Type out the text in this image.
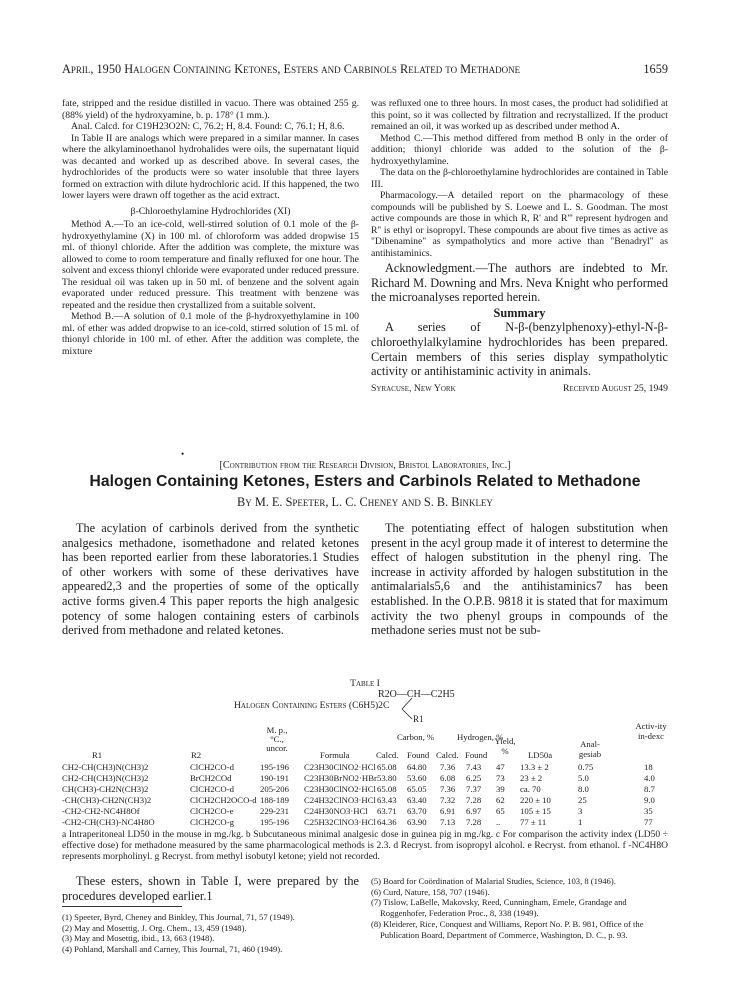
April, 1950 Halogen Containing Ketones, Esters and Carbinols Related to Methadone	1659

fate, stripped and the residue distilled in vacuo. There was obtained 255 g. (88% yield) of the hydroxyamine, b. p. 178° (1 mm.).

Anal. Calcd. for C19H23O2N: C, 76.2; H, 8.4. Found: C, 76.1; H, 8.6.

In Table II are analogs which were prepared in a similar manner. In cases where the alkylaminoethanol hydrohalides were oils, the supernatant liquid was decanted and worked up as described above. In several cases, the hydrochlorides of the products were so water insoluble that three layers formed on extraction with dilute hydrochloric acid. If this happened, the two lower layers were drawn off together as the acid extract.

β-Chloroethylamine Hydrochlorides (XI)

Method A.—To an ice-cold, well-stirred solution of 0.1 mole of the β-hydroxyethylamine (X) in 100 ml. of chloroform was added dropwise 15 ml. of thionyl chloride. After the addition was complete, the mixture was allowed to come to room temperature and finally refluxed for one hour. The solvent and excess thionyl chloride were evaporated under reduced pressure. The residual oil was taken up in 50 ml. of benzene and the solvent again evaporated under reduced pressure. This treatment with benzene was repeated and the residue then crystallized from a suitable solvent.

Method B.—A solution of 0.1 mole of the β-hydroxyethylamine in 100 ml. of ether was added dropwise to an ice-cold, stirred solution of 15 ml. of thionyl chloride in 100 ml. of ether. After the addition was complete, the mixture

was refluxed one to three hours. In most cases, the product had solidified at this point, so it was collected by filtration and recrystallized. If the product remained an oil, it was worked up as described under method A.

Method C.—This method differed from method B only in the order of addition; thionyl chloride was added to the solution of the β-hydroxyethylamine.

The data on the β-chloroethylamine hydrochlorides are contained in Table III.

Pharmacology.—A detailed report on the pharmacology of these compounds will be published by S. Loewe and L. S. Goodman. The most active compounds are those in which R, R' and R''' represent hydrogen and R'' is ethyl or isopropyl. These compounds are about five times as active as "Dibenamine" as sympatholytics and more active than "Benadryl" as antihistaminics.

Acknowledgment.—The authors are indebted to Mr. Richard M. Downing and Mrs. Neva Knight who performed the microanalyses reported herein.

Summary

A series of N-β-(benzylphenoxy)-ethyl-N-β-chloroethylalkylamine hydrochlorides has been prepared. Certain members of this series display sympatholytic activity or antihistaminic activity in animals.

Syracuse, New York	Received August 25, 1949
•
[Contribution from the Research Division, Bristol Laboratories, Inc.]
Halogen Containing Ketones, Esters and Carbinols Related to Methadone
By M. E. Speeter, L. C. Cheney and S. B. Binkley

The acylation of carbinols derived from the synthetic analgesics methadone, isomethadone and related ketones has been reported earlier from these laboratories.1 Studies of other workers with some of these derivatives have appeared2,3 and the properties of some of the optically active forms given.4 This paper reports the high analgesic potency of some halogen containing esters of carbinols derived from methadone and related ketones.

The potentiating effect of halogen substitution when present in the acyl group made it of interest to determine the effect of halogen substitution in the phenyl ring. The increase in activity afforded by halogen substitution in the antimalarials5,6 and the antihistaminics7 has been established. In the O.P.B. 9818 it is stated that for maximum activity the two phenyl groups in compounds of the methadone series must not be sub-

Table I
R2O—CH—C2H5
Halogen Containing Esters (C6H5)2C
R1
R1	R2
M. p., °C., uncor.
Formula
Carbon, %	Hydrogen, %
Calcd. Found Calcd. Found
Yield, %	LD50a
Anal-gesiab
Activ-ity in-dexc
CH2-CH(CH3)N(CH3)2	ClCH2CO-d	195-196 C23H30ClNO2·HCl 65.08 64.80 7.36 7.43 47 13.3 ± 2	0.75	18
CH2-CH(CH3)N(CH3)2	BrCH2COd	190-191 C23H30BrNO2·HBr 53.80 53.60 6.08 6.25 73 23 ± 2	5.0	4.0
CH(CH3)-CH2N(CH3)2	ClCH2CO-d	205-206 C23H30ClNO2·HCl 65.08 65.05 7.36 7.37 39 ca. 70	8.0	8.7
-CH(CH3)-CH2N(CH3)2	ClCH2CH2OCO-d 188-189 C24H32ClNO3·HCl 63.43 63.40 7.32 7.28 62 220 ± 10	25	9.0
-CH2-CH2-NC4H8Of	ClCH2CO-e	229-231 C24H30NO3·HCl 63.71 63.70 6.91 6.97 65 105 ± 15	3	35
-CH2-CH(CH3)-NC4H8O	ClCH2CO-g	195-196 C25H32ClNO3·HCl 64.36 63.90 7.13 7.28 .. 77 ± 11	1	77

a Intraperitoneal LD50 in the mouse in mg./kg. b Subcutaneous minimal analgesic dose in guinea pig in mg./kg. c For comparison the activity index (LD50 ÷ effective dose) for methadone measured by the same pharmacological methods is 2.3. d Recryst. from isopropyl alcohol. e Recryst. from ethanol. f -NC4H8O represents morpholinyl. g Recryst. from methyl isobutyl ketone; yield not recorded.

These esters, shown in Table I, were prepared by the procedures developed earlier.1

(1) Speeter, Byrd, Cheney and Binkley, This Journal, 71, 57 (1949).

(2) May and Mosettig, J. Org. Chem., 13, 459 (1948).

(3) May and Mosettig, ibid., 13, 663 (1948).

(4) Pohland, Marshall and Carney, This Journal, 71, 460 (1949).

(5) Board for Coördination of Malarial Studies, Science, 103, 8 (1946).

(6) Curd, Nature, 158, 707 (1946).

(7) Tislow, LaBelle, Makovsky, Reed, Cunningham, Emele, Grandage and Roggenhofer, Federation Proc., 8, 338 (1949).

(8) Kleiderer, Rice, Conquest and Williams, Report No. P. B. 981, Office of the Publication Board, Department of Commerce, Washington, D. C., p. 93.
